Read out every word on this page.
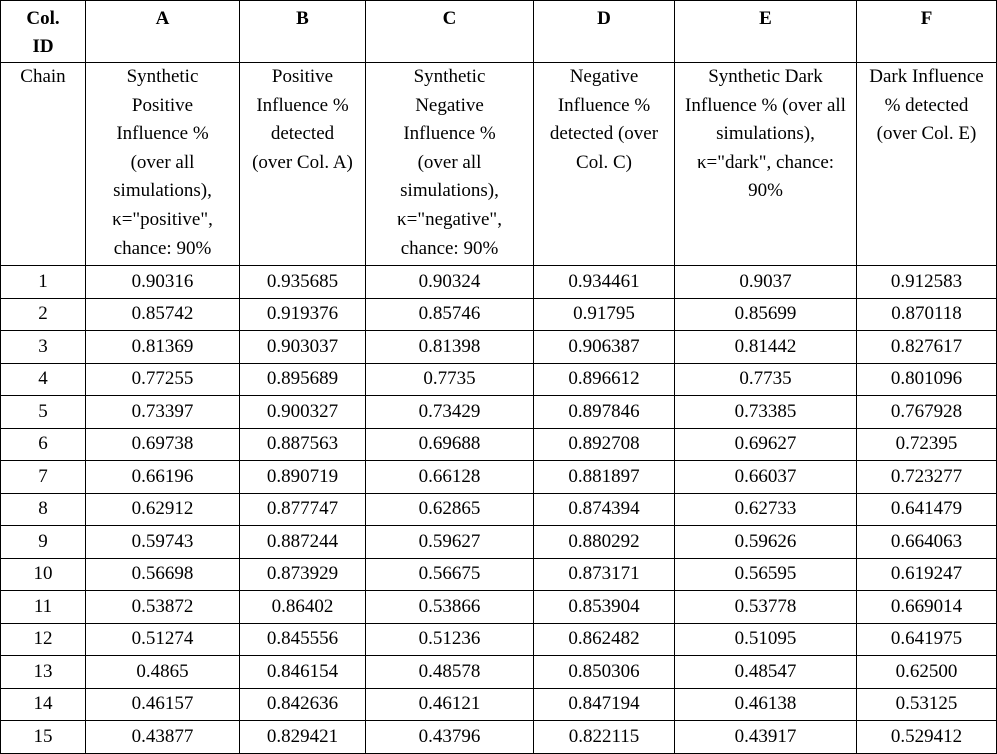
Col.
ID	A	B	C	D	E	F
Chain	Synthetic Positive Influence % (over all simulations), κ="positive", chance: 90%	Positive Influence % detected (over Col. A)	Synthetic Negative Influence % (over all simulations), κ="negative", chance: 90%	Negative Influence % detected (over Col. C)	Synthetic Dark Influence % (over all simulations), κ="dark", chance: 90%	Dark Influence % detected (over Col. E)
1	0.90316	0.935685	0.90324	0.934461	0.9037	0.912583
2	0.85742	0.919376	0.85746	0.91795	0.85699	0.870118
3	0.81369	0.903037	0.81398	0.906387	0.81442	0.827617
4	0.77255	0.895689	0.7735	0.896612	0.7735	0.801096
5	0.73397	0.900327	0.73429	0.897846	0.73385	0.767928
6	0.69738	0.887563	0.69688	0.892708	0.69627	0.72395
7	0.66196	0.890719	0.66128	0.881897	0.66037	0.723277
8	0.62912	0.877747	0.62865	0.874394	0.62733	0.641479
9	0.59743	0.887244	0.59627	0.880292	0.59626	0.664063
10	0.56698	0.873929	0.56675	0.873171	0.56595	0.619247
11	0.53872	0.86402	0.53866	0.853904	0.53778	0.669014
12	0.51274	0.845556	0.51236	0.862482	0.51095	0.641975
13	0.4865	0.846154	0.48578	0.850306	0.48547	0.62500
14	0.46157	0.842636	0.46121	0.847194	0.46138	0.53125
15	0.43877	0.829421	0.43796	0.822115	0.43917	0.529412
